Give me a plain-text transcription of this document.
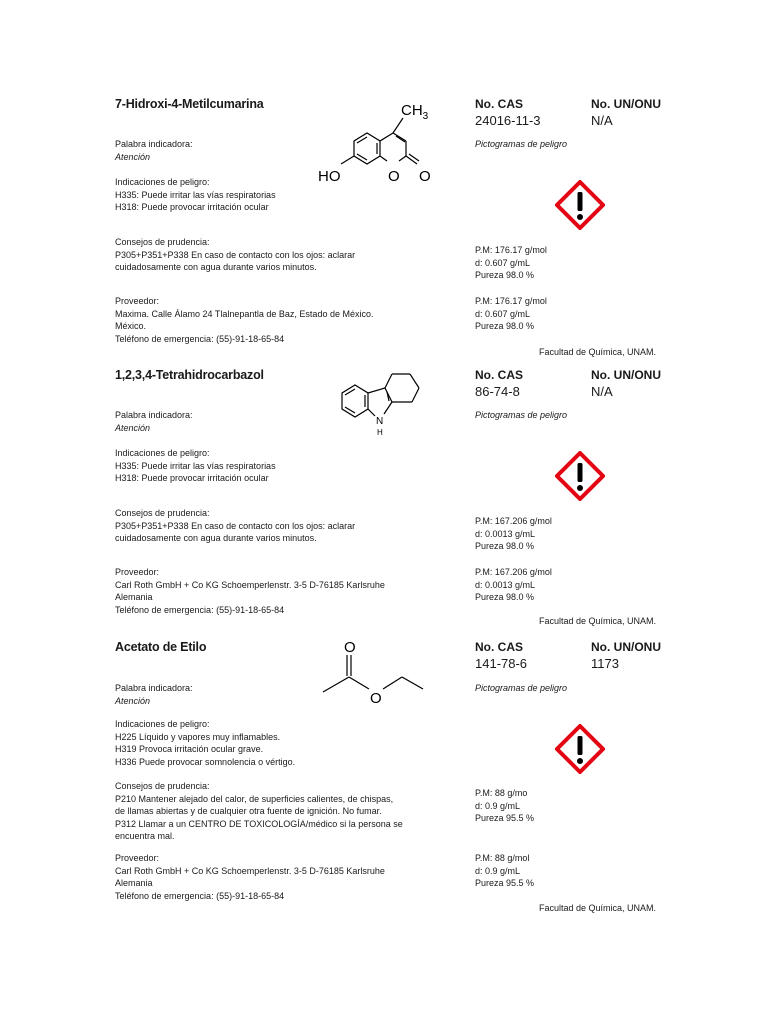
7-Hidroxi-4-Metilcumarina	$CH_3$
HO	O O
No. CAS
24016-11-3
No. UN/ONU
N/A
Palabra indicadora:
Atención
Pictogramas de peligro
Indicaciones de peligro:
H335: Puede irritar las vías respiratorias
H318: Puede provocar irritación ocular
Consejos de prudencia:
P305+P351+P338 En caso de contacto con los ojos: aclarar
cuidadosamente con agua durante varios minutos.
P.M: 176.17 g/mol
d: 0.607 g/mL
Pureza 98.0 %
Proveedor:
Maxima. Calle Álamo 24 Tlalnepantla de Baz, Estado de México.
México.
Teléfono de emergencia: (55)-91-18-65-84
P.M: 176.17 g/mol
d: 0.607 g/mL
Pureza 98.0 %
Facultad de Química, UNAM.
1,2,3,4-Tetrahidrocarbazol
N
H
No. CAS
86-74-8
No. UN/ONU
N/A
Palabra indicadora:
Atención
Pictogramas de peligro
Indicaciones de peligro:
H335: Puede irritar las vías respiratorias
H318: Puede provocar irritación ocular
Consejos de prudencia:
P305+P351+P338 En caso de contacto con los ojos: aclarar
cuidadosamente con agua durante varios minutos.
P.M: 167.206 g/mol
d: 0.0013 g/mL
Pureza 98.0 %
Proveedor:
Carl Roth GmbH + Co KG Schoemperlenstr. 3-5 D-76185 Karlsruhe
Alemania
Teléfono de emergencia: (55)-91-18-65-84
P.M: 167.206 g/mol
d: 0.0013 g/mL
Pureza 98.0 %
Facultad de Química, UNAM.
Acetato de Etilo	O
O
No. CAS
141-78-6
No. UN/ONU
1173
Palabra indicadora:
Atención
Pictogramas de peligro
Indicaciones de peligro:
H225 Líquido y vapores muy inflamables.
H319 Provoca irritación ocular grave.
H336 Puede provocar somnolencia o vértigo.
Consejos de prudencia:
P210 Mantener alejado del calor, de superficies calientes, de chispas,
de llamas abiertas y de cualquier otra fuente de ignición. No fumar.
P312 Llamar a un CENTRO DE TOXICOLOGÍA/médico si la persona se
encuentra mal.
P.M: 88 g/mo
d: 0.9 g/mL
Pureza 95.5 %
Proveedor:
Carl Roth GmbH + Co KG Schoemperlenstr. 3-5 D-76185 Karlsruhe
Alemania
Teléfono de emergencia: (55)-91-18-65-84
P.M: 88 g/mol
d: 0.9 g/mL
Pureza 95.5 %
Facultad de Química, UNAM.
